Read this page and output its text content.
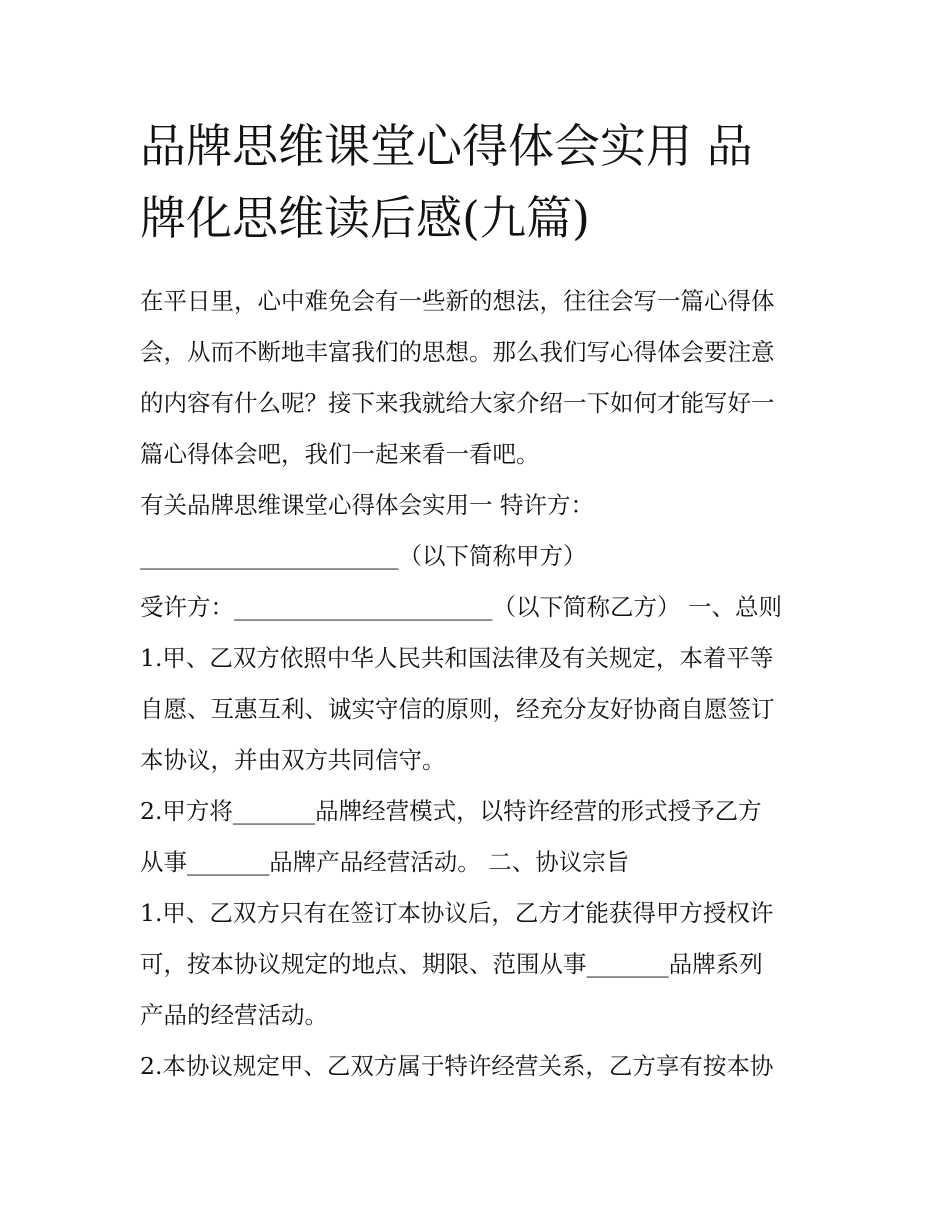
品牌思维课堂心得体会实用 品
牌化思维读后感(九篇)
在平日里，心中难免会有一些新的想法，往往会写一篇心得体
会，从而不断地丰富我们的思想。那么我们写心得体会要注意
的内容有什么呢？接下来我就给大家介绍一下如何才能写好一
篇心得体会吧，我们一起来看一看吧。
有关品牌思维课堂心得体会实用一 特许方：
______________________（以下简称甲方）
受许方：______________________（以下简称乙方） 一、总则
1.甲、乙双方依照中华人民共和国法律及有关规定，本着平等
自愿、互惠互利、诚实守信的原则，经充分友好协商自愿签订
本协议，并由双方共同信守。
2.甲方将_______品牌经营模式，以特许经营的形式授予乙方
从事_______品牌产品经营活动。 二、协议宗旨
1.甲、乙双方只有在签订本协议后，乙方才能获得甲方授权许
可，按本协议规定的地点、期限、范围从事_______品牌系列
产品的经营活动。
2.本协议规定甲、乙双方属于特许经营关系，乙方享有按本协
